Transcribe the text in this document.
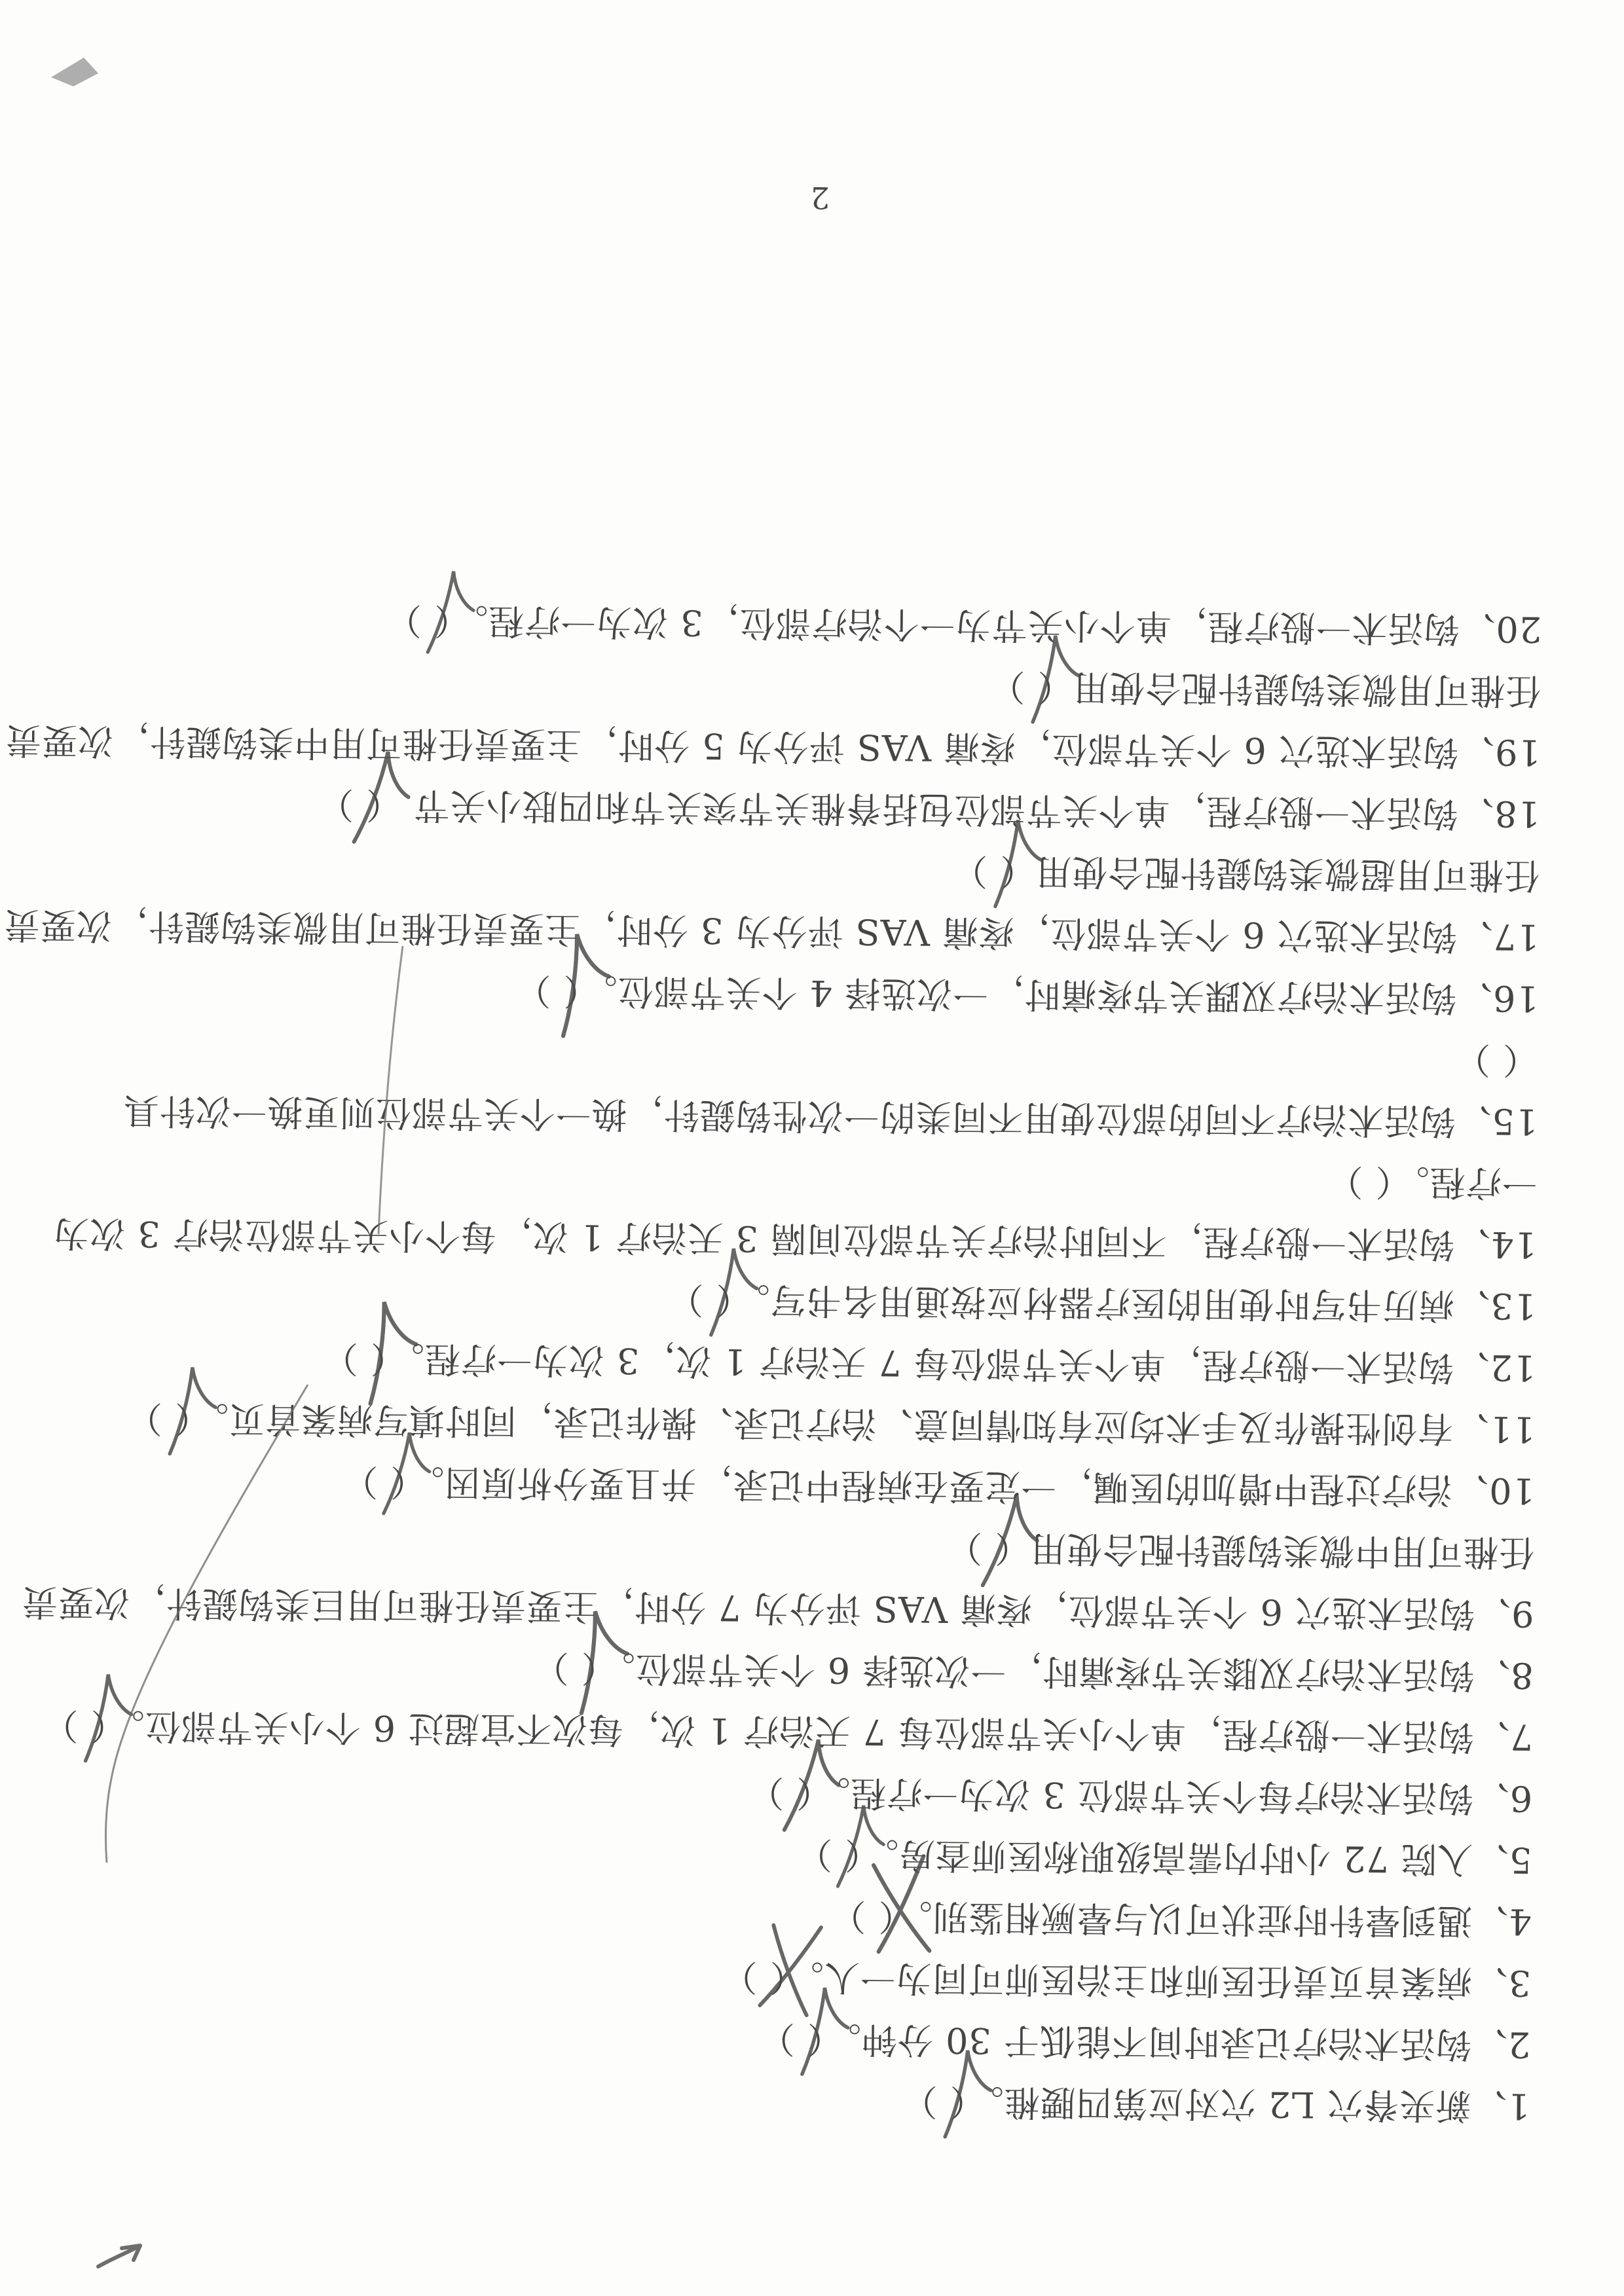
1、新夹脊穴 L2 穴对应第四腰椎。（ ）
2、钩活术治疗记录时间不能低于 30 分钟。（ ）
3、病案首页责任医师和主治医师可同为一人。（ ）
4、遇到晕针时症状可以与晕厥相鉴别。（ ）
5、入院 72 小时内需高级职称医师查房。（ ）
6、钩活术治疗每个关节部位 3 次为一疗程。（ ）
7、钩活术一般疗程，单个小关节部位每 7 天治疗 1 次，每次不宜超过 6 个小关节部位。（ ）
8、钩活术治疗双膝关节疼痛时，一次选择 6 个关节部位。（ ）
9、钩活术选穴 6 个关节部位，疼痛 VAS 评分为 7 分时，主要责任椎可用巨类钩鍉针，次要责
任椎可用中微类钩鍉针配合使用（ ）
10、治疗过程中增加的医嘱，一定要在病程中记录，并且要分析原因。（ ）
11、有创性操作及手术均应有知情同意、治疗记录、操作记录，同时填写病案首页。（ ）
12、钩活术一般疗程，单个关节部位每 7 天治疗 1 次，3 次为一疗程。（ ）
13、病历书写时使用的医疗器材应按通用名书写。（ ）
14、钩活术一般疗程，不同时治疗关节部位间隔 3 天治疗 1 次，每个小关节部位治疗 3 次为
一疗程。（ ）
15、钩活术治疗不同的部位使用不同类的一次性钩鍉针，换一个关节部位则更换一次针具
（ ）
16、钩活术治疗双踝关节疼痛时，一次选择 4 个关节部位。（ ）
17、钩活术选穴 6 个关节部位，疼痛 VAS 评分为 3 分时，主要责任椎可用微类钩鍉针，次要责
任椎可用超微类钩鍉针配合使用（ ）
18、钩活术一般疗程，单个关节部位包括脊椎关节突关节和四肢小关节 （ ）
19、钩活术选穴 6 个关节部位，疼痛 VAS 评分为 5 分时，主要责任椎可用中类钩鍉针，次要责
任椎可用微类钩鍉针配合使用（ ）
20、钩活术一般疗程，单个小关节为一个治疗部位，3 次为一疗程。（ ）
2
